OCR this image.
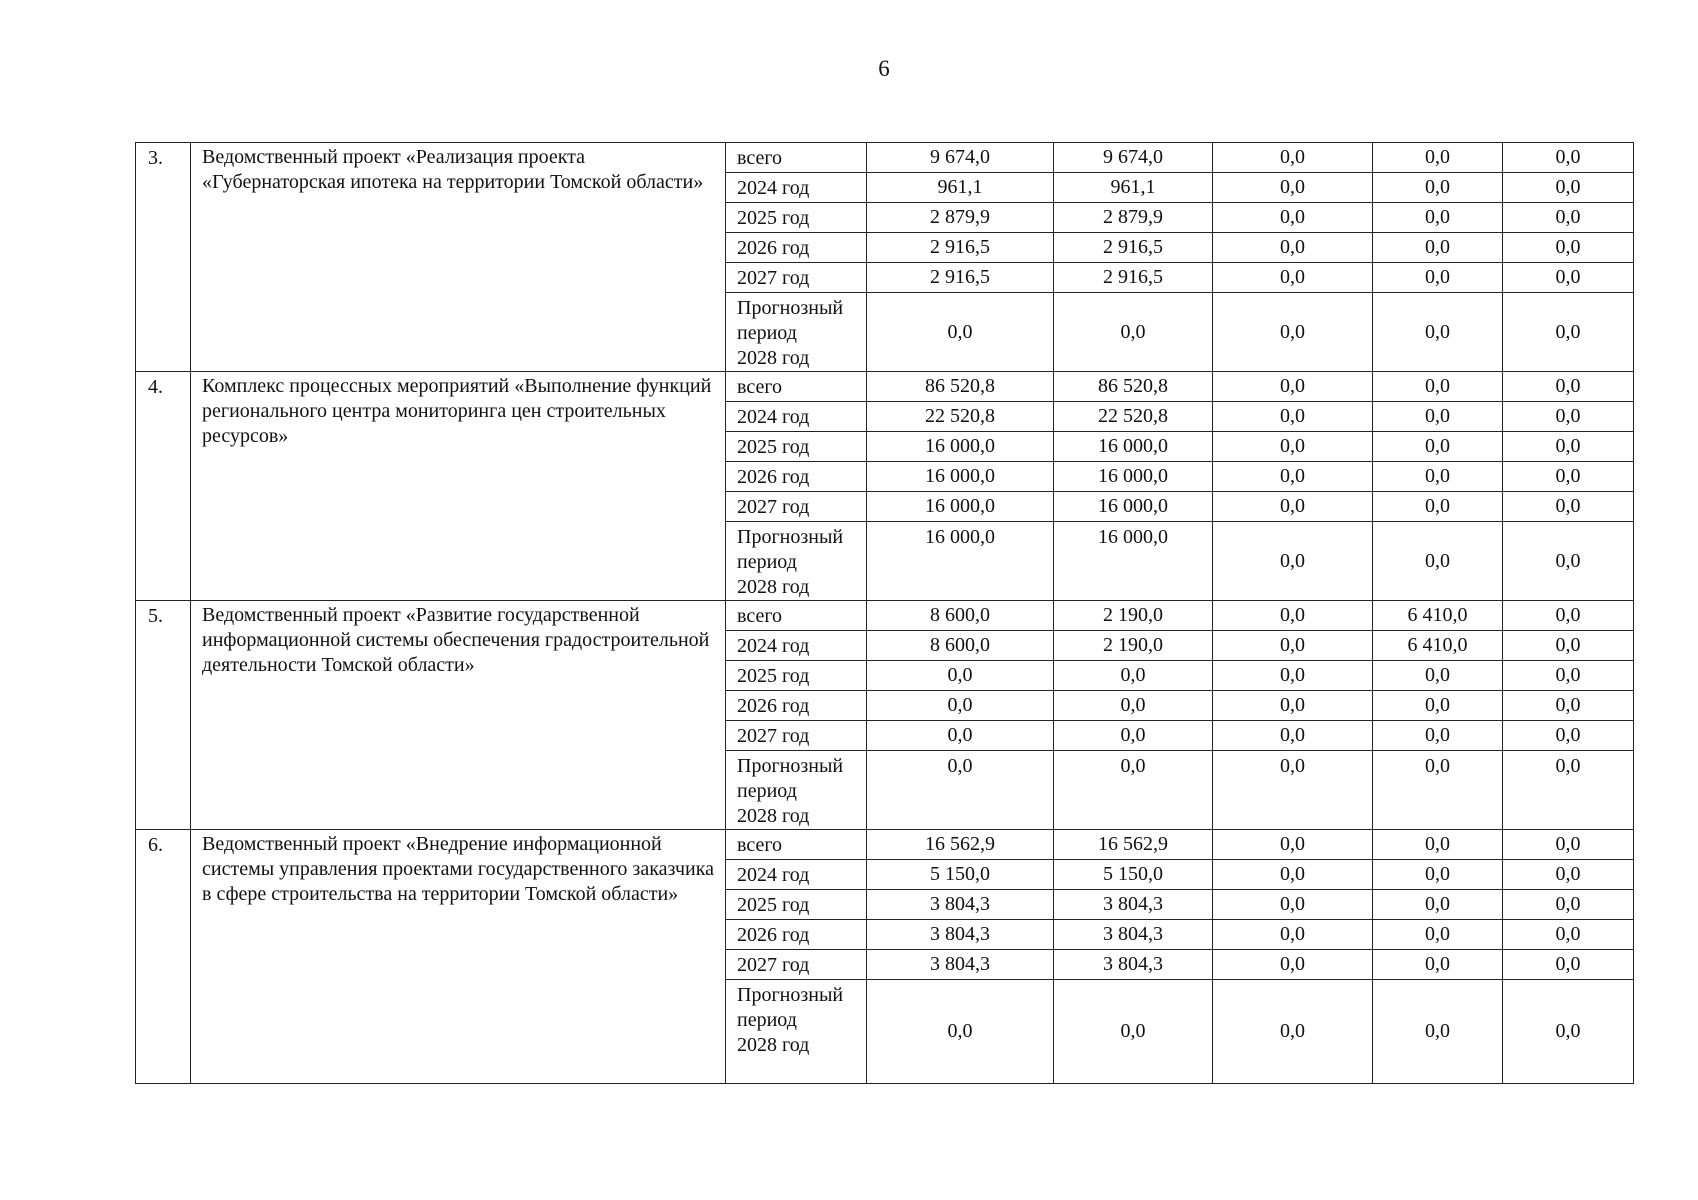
6
3.	Ведомственный проект «Реализация проекта «Губернаторская ипотека на территории Томской области»	всего	9 674,0	9 674,0	0,0	0,0	0,0
		2024 год	961,1	961,1	0,0	0,0	0,0
		2025 год	2 879,9	2 879,9	0,0	0,0	0,0
		2026 год	2 916,5	2 916,5	0,0	0,0	0,0
		2027 год	2 916,5	2 916,5	0,0	0,0	0,0
		Прогнозный
период
2028 год	0,0	0,0	0,0	0,0	0,0
4.	Комплекс процессных мероприятий «Выполнение функций регионального центра мониторинга цен строительных ресурсов»	всего	86 520,8	86 520,8	0,0	0,0	0,0
		2024 год	22 520,8	22 520,8	0,0	0,0	0,0
		2025 год	16 000,0	16 000,0	0,0	0,0	0,0
		2026 год	16 000,0	16 000,0	0,0	0,0	0,0
		2027 год	16 000,0	16 000,0	0,0	0,0	0,0
		Прогнозный
период
2028 год	16 000,0	16 000,0	0,0	0,0	0,0
5.	Ведомственный проект «Развитие государственной информационной системы обеспечения градостроительной деятельности Томской области»	всего	8 600,0	2 190,0	0,0	6 410,0	0,0
		2024 год	8 600,0	2 190,0	0,0	6 410,0	0,0
		2025 год	0,0	0,0	0,0	0,0	0,0
		2026 год	0,0	0,0	0,0	0,0	0,0
		2027 год	0,0	0,0	0,0	0,0	0,0
		Прогнозный
период
2028 год	0,0	0,0	0,0	0,0	0,0
6.	Ведомственный проект «Внедрение информационной системы управления проектами государственного заказчика в сфере строительства на территории Томской области»	всего	16 562,9	16 562,9	0,0	0,0	0,0
		2024 год	5 150,0	5 150,0	0,0	0,0	0,0
		2025 год	3 804,3	3 804,3	0,0	0,0	0,0
		2026 год	3 804,3	3 804,3	0,0	0,0	0,0
		2027 год	3 804,3	3 804,3	0,0	0,0	0,0
		Прогнозный
период
2028 год	0,0	0,0	0,0	0,0	0,0
